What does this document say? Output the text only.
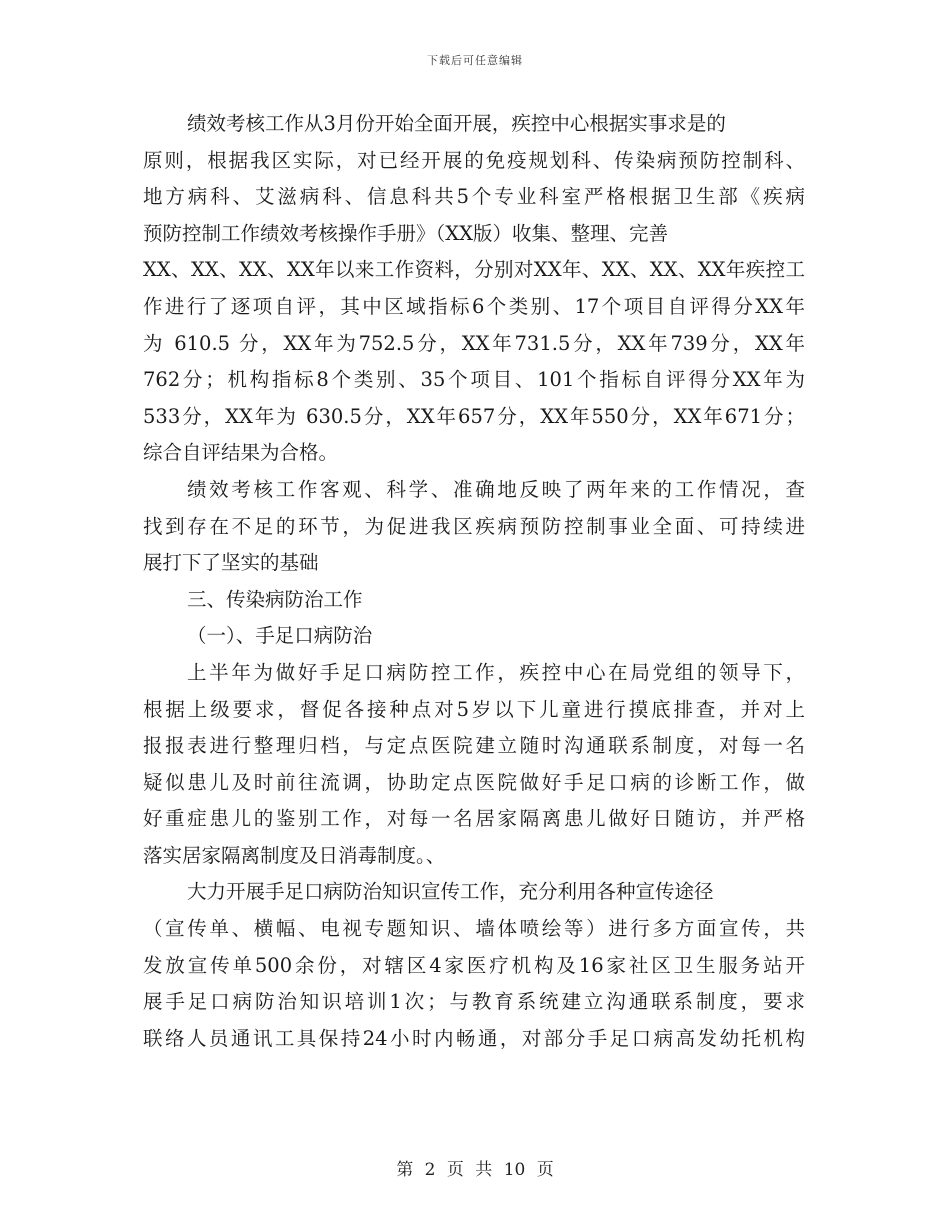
下载后可任意编辑
绩效考核工作从3月份开始全面开展，疾控中心根据实事求是的
原则，根据我区实际，对已经开展的免疫规划科、传染病预防控制科、
地方病科、艾滋病科、信息科共5个专业科室严格根据卫生部《疾病
预防控制工作绩效考核操作手册》（XX版）收集、整理、完善
XX、XX、XX、XX年以来工作资料，分别对XX年、XX、XX、XX年疾控工
作进行了逐项自评，其中区域指标6个类别、17个项目自评得分XX年
为 610.5 分，XX年为752.5分，XX年731.5分，XX年739分，XX年
762分；机构指标8个类别、35个项目、101个指标自评得分XX年为
533分，XX年为 630.5分，XX年657分，XX年550分，XX年671分；
综合自评结果为合格。
绩效考核工作客观、科学、准确地反映了两年来的工作情况，查
找到存在不足的环节，为促进我区疾病预防控制事业全面、可持续进
展打下了坚实的基础
三、传染病防治工作
（一）、手足口病防治
上半年为做好手足口病防控工作，疾控中心在局党组的领导下，
根据上级要求，督促各接种点对5岁以下儿童进行摸底排查，并对上
报报表进行整理归档，与定点医院建立随时沟通联系制度，对每一名
疑似患儿及时前往流调，协助定点医院做好手足口病的诊断工作，做
好重症患儿的鉴别工作，对每一名居家隔离患儿做好日随访，并严格
落实居家隔离制度及日消毒制度。、
大力开展手足口病防治知识宣传工作，充分利用各种宣传途径
（宣传单、横幅、电视专题知识、墙体喷绘等）进行多方面宣传，共
发放宣传单500余份，对辖区4家医疗机构及16家社区卫生服务站开
展手足口病防治知识培训1次；与教育系统建立沟通联系制度，要求
联络人员通讯工具保持24小时内畅通，对部分手足口病高发幼托机构
第 2 页 共 10 页
